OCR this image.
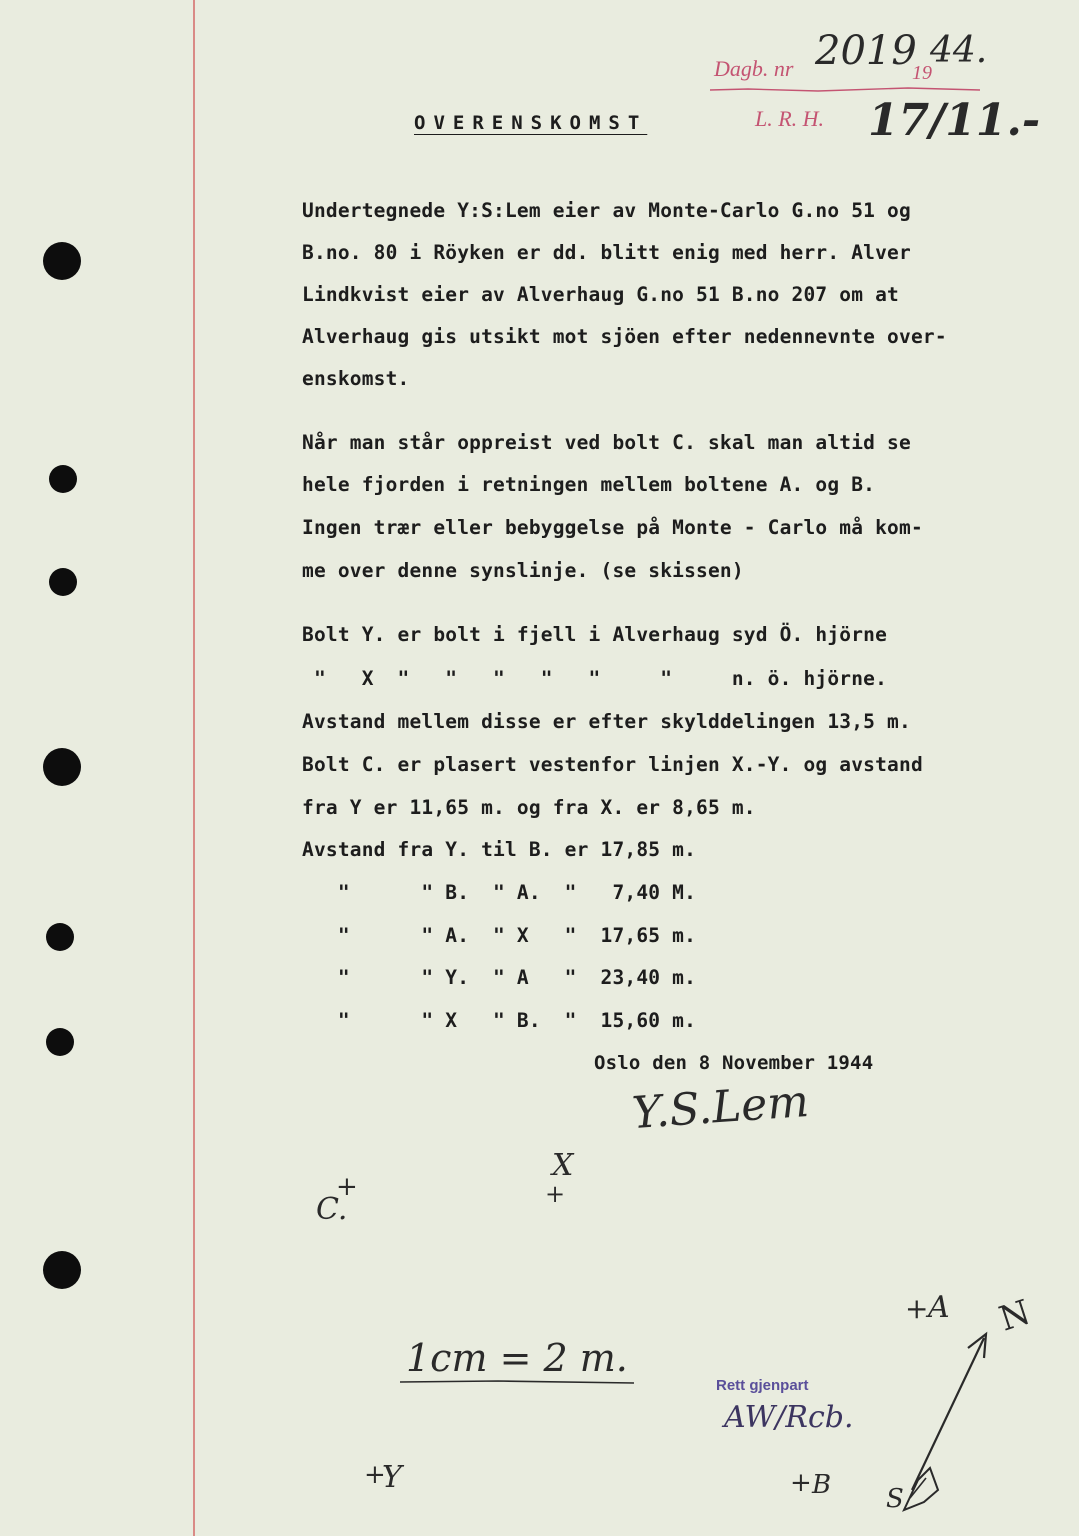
Dagb. nr 2019
19
44.
L. R. H. 17/11.-
OVERENSKOMST
Undertegnede Y:S:Lem eier av Monte-Carlo G.no 51 og
B.no. 80 i Röyken er dd. blitt enig med herr. Alver
Lindkvist eier av Alverhaug G.no 51 B.no 207 om at
Alverhaug gis utsikt mot sjöen efter nedennevnte over-
enskomst.
Når man står oppreist ved bolt C. skal man altid se
hele fjorden i retningen mellem boltene A. og B.
Ingen trær eller bebyggelse på Monte - Carlo må kom-
me over denne synslinje. (se skissen)
Bolt Y. er bolt i fjell i Alverhaug syd Ö. hjörne
"   X  "   "   "   "   "     "     n. ö. hjörne.
Avstand mellem disse er efter skylddelingen 13,5 m.
Bolt C. er plasert vestenfor linjen X.-Y. og avstand
fra Y er 11,65 m. og fra X. er 8,65 m.
Avstand fra Y. til B. er 17,85 m.
"      " B.  " A.  "   7,40 M.
"      " A.  " X   "  17,65 m.
"      " Y.  " A   "  23,40 m.
"      " X   " B.  "  15,60 m.
Oslo den 8 November 1944
Y.S.Lem
C.
+
X
+
+ A
+
Y	+ B
N
S
1cm = 2 m.
Rett gjenpart
AW/Rcb.
